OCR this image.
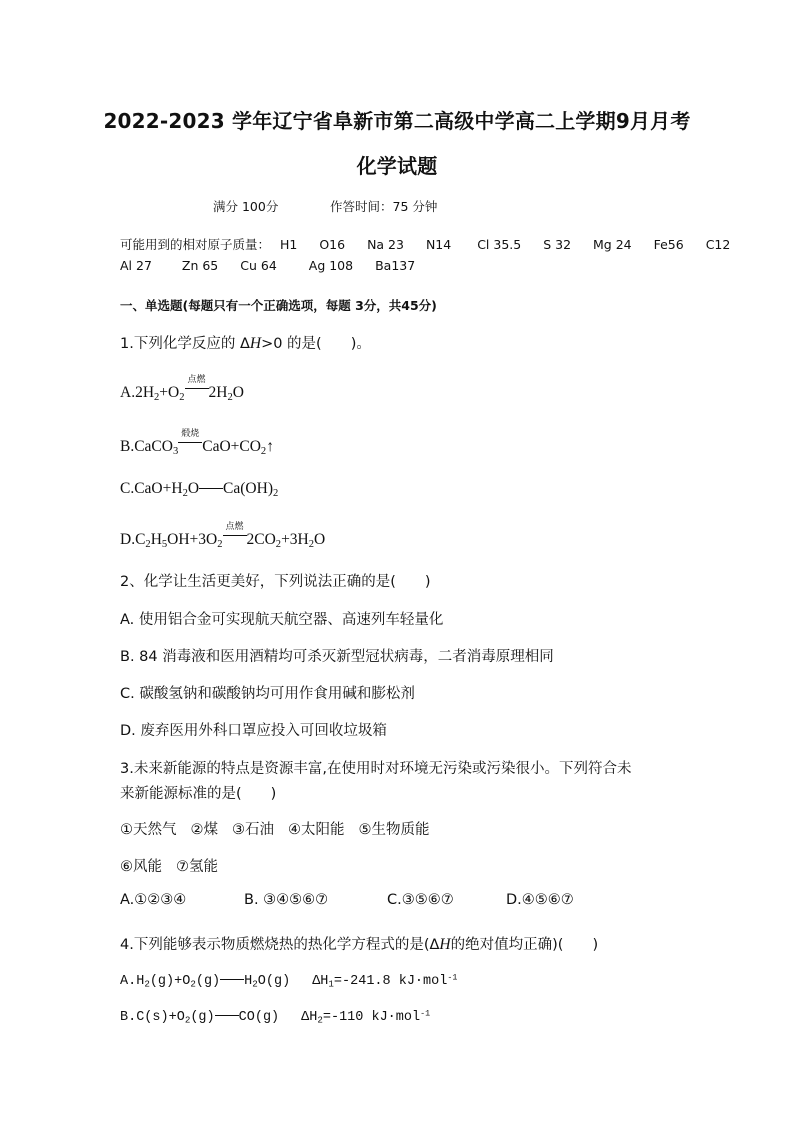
2022-2023 学年辽宁省阜新市第二高级中学高二上学期9月月考
化学试题
满分 100分	作答时间：75 分钟
可能用到的相对原子质量： H1 O16 Na 23 N14 Cl 35.5 S 32 Mg 24 Fe56 C12
Al 27 Zn 65 Cu 64	Ag 108 Ba137
一、单选题(每题只有一个正确选项，每题 3分，共45分)
1.下列化学反应的 ΔH>0 的是(　　)。
$A.2H_2+O_2$
点燃
$2H_2O$
B.CaCO$_3$
煅烧
$CaO+CO_2↑$
$C.CaO+H_2O$ $Ca(OH)_2$
$D.C_2H_5OH+3O_2$
点燃
$2CO_2+3H_2O$
2、化学让生活更美好，下列说法正确的是(　　)
A. 使用铝合金可实现航天航空器、高速列车轻量化
B. 84 消毒液和医用酒精均可杀灭新型冠状病毒，二者消毒原理相同
C. 碳酸氢钠和碳酸钠均可用作食用碱和膨松剂
D. 废弃医用外科口罩应投入可回收垃圾箱
3.未来新能源的特点是资源丰富,在使用时对环境无污染或污染很小。下列符合未
来新能源标准的是(　　)
①天然气 ②煤 ③石油 ④太阳能 ⑤生物质能
⑥风能 ⑦氢能
A.①②③④	B. ③④⑤⑥⑦	C.③⑤⑥⑦	D.④⑤⑥⑦
4.下列能够表示物质燃烧热的热化学方程式的是(ΔH的绝对值均正确)(　　)
$A.H_2(g)+O_2(g)$ $H_2O(g)$ $\Delta H_1=-241.8$ kJ·mol$^{-1}$
$B.C(s)+O_2(g)$ CO(g) $\Delta H_2=-110$ kJ·mol$^{-1}$
